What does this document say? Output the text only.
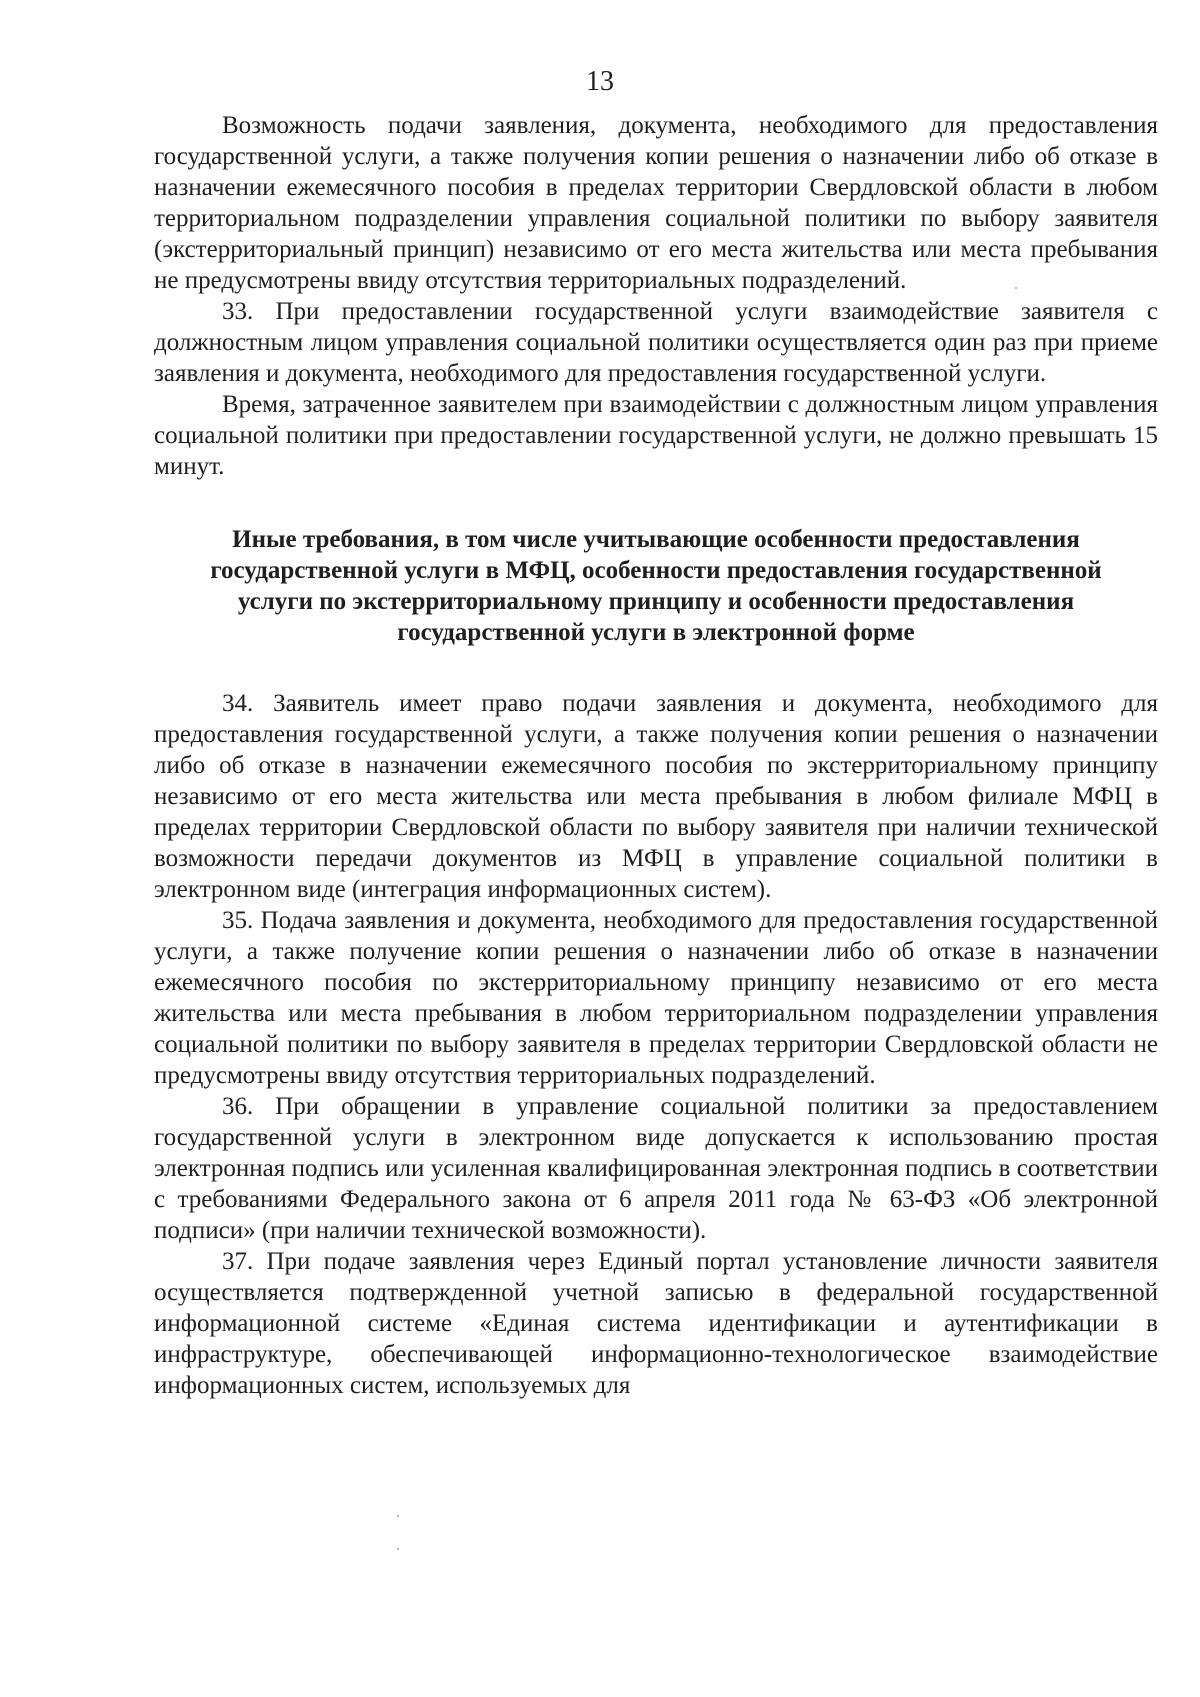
13

Возможность подачи заявления, документа, необходимого для предоставления государственной услуги, а также получения копии решения о назначении либо об отказе в назначении ежемесячного пособия в пределах территории Свердловской области в любом территориальном подразделении управления социальной политики по выбору заявителя (экстерриториальный принцип) независимо от его места жительства или места пребывания не предусмотрены ввиду отсутствия территориальных подразделений.

33. При предоставлении государственной услуги взаимодействие заявителя с должностным лицом управления социальной политики осуществляется один раз при приеме заявления и документа, необходимого для предоставления государственной услуги.

Время, затраченное заявителем при взаимодействии с должностным лицом управления социальной политики при предоставлении государственной услуги, не должно превышать 15 минут.

Иные требования, в том числе учитывающие особенности предоставления
государственной услуги в МФЦ, особенности предоставления государственной
услуги по экстерриториальному принципу и особенности предоставления
государственной услуги в электронной форме

34. Заявитель имеет право подачи заявления и документа, необходимого для предоставления государственной услуги, а также получения копии решения о назначении либо об отказе в назначении ежемесячного пособия по экстерриториальному принципу независимо от его места жительства или места пребывания в любом филиале МФЦ в пределах территории Свердловской области по выбору заявителя при наличии технической возможности передачи документов из МФЦ в управление социальной политики в электронном виде (интеграция информационных систем).

35. Подача заявления и документа, необходимого для предоставления государственной услуги, а также получение копии решения о назначении либо об отказе в назначении ежемесячного пособия по экстерриториальному принципу независимо от его места жительства или места пребывания в любом территориальном подразделении управления социальной политики по выбору заявителя в пределах территории Свердловской области не предусмотрены ввиду отсутствия территориальных подразделений.

36. При обращении в управление социальной политики за предоставлением государственной услуги в электронном виде допускается к использованию простая электронная подпись или усиленная квалифицированная электронная подпись в соответствии с требованиями Федерального закона от 6 апреля 2011 года № 63-ФЗ «Об электронной подписи» (при наличии технической возможности).

37. При подаче заявления через Единый портал установление личности заявителя осуществляется подтвержденной учетной записью в федеральной государственной информационной системе «Единая система идентификации и аутентификации в инфраструктуре, обеспечивающей информационно-технологическое взаимодействие информационных систем, используемых для
